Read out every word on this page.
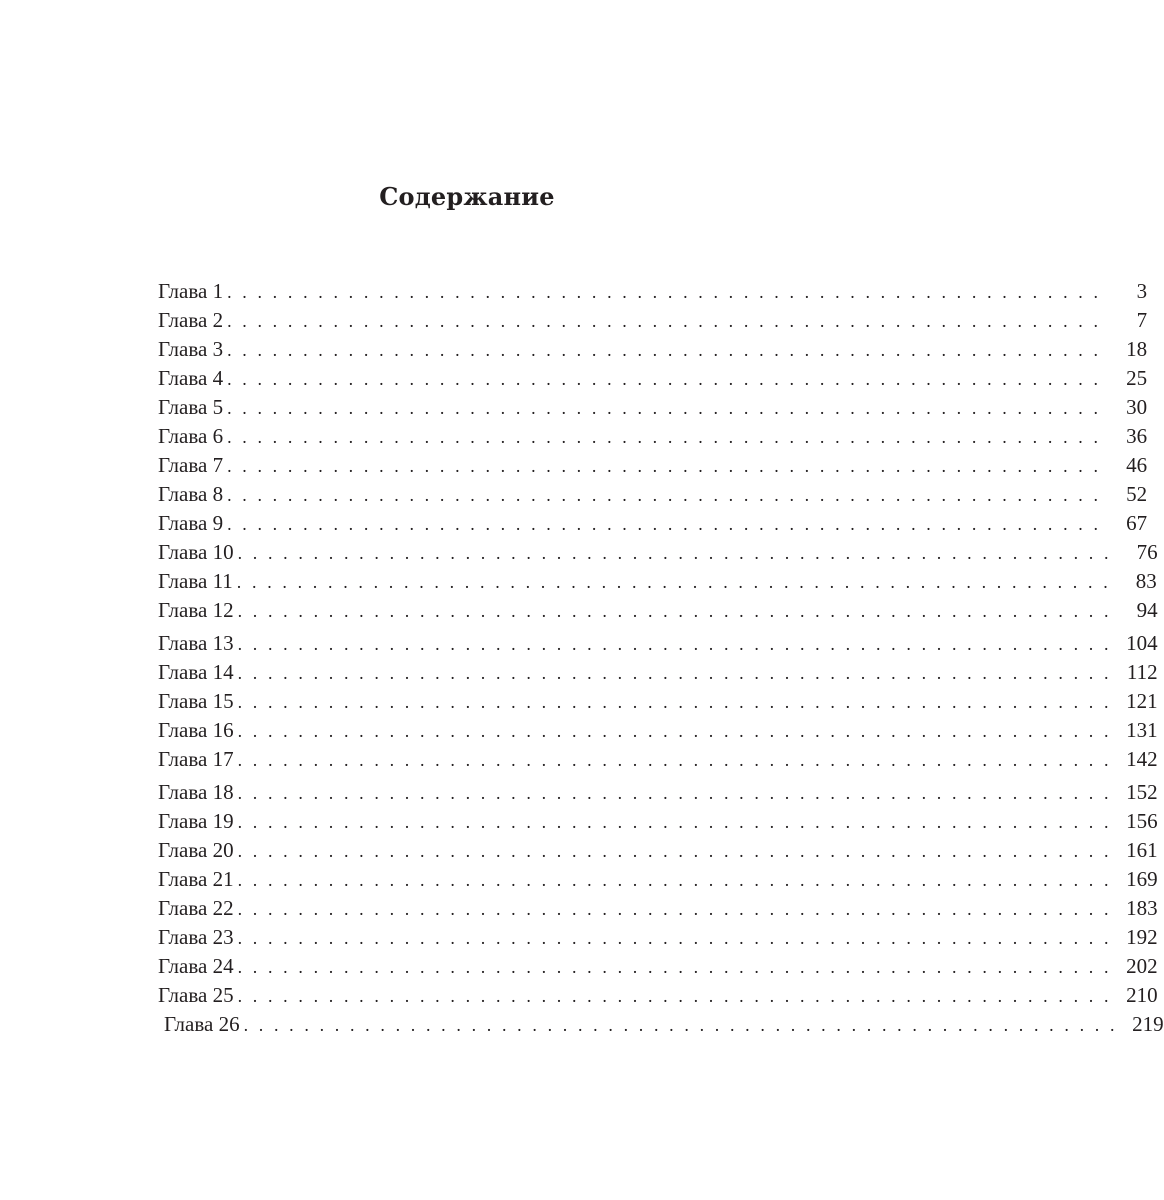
Содержание
Глава 1 . . . . . . . . . . . . . . . . . . . . . . . . . . . . . . . . . . . . . . . . . . . . . . . . . . . . . . . . . .	3
Глава 2 . . . . . . . . . . . . . . . . . . . . . . . . . . . . . . . . . . . . . . . . . . . . . . . . . . . . . . . . . .	7
Глава 3 . . . . . . . . . . . . . . . . . . . . . . . . . . . . . . . . . . . . . . . . . . . . . . . . . . . . . . . . . .	18
Глава 4 . . . . . . . . . . . . . . . . . . . . . . . . . . . . . . . . . . . . . . . . . . . . . . . . . . . . . . . . . .	25
Глава 5 . . . . . . . . . . . . . . . . . . . . . . . . . . . . . . . . . . . . . . . . . . . . . . . . . . . . . . . . . .	30
Глава 6 . . . . . . . . . . . . . . . . . . . . . . . . . . . . . . . . . . . . . . . . . . . . . . . . . . . . . . . . . .	36
Глава 7 . . . . . . . . . . . . . . . . . . . . . . . . . . . . . . . . . . . . . . . . . . . . . . . . . . . . . . . . . .	46
Глава 8 . . . . . . . . . . . . . . . . . . . . . . . . . . . . . . . . . . . . . . . . . . . . . . . . . . . . . . . . . .	52
Глава 9 . . . . . . . . . . . . . . . . . . . . . . . . . . . . . . . . . . . . . . . . . . . . . . . . . . . . . . . . . .	67
Глава 10 . . . . . . . . . . . . . . . . . . . . . . . . . . . . . . . . . . . . . . . . . . . . . . . . . . . . . . . . . .	76
Глава 11 . . . . . . . . . . . . . . . . . . . . . . . . . . . . . . . . . . . . . . . . . . . . . . . . . . . . . . . . . .	83
Глава 12 . . . . . . . . . . . . . . . . . . . . . . . . . . . . . . . . . . . . . . . . . . . . . . . . . . . . . . . . . .	94
Глава 13 . . . . . . . . . . . . . . . . . . . . . . . . . . . . . . . . . . . . . . . . . . . . . . . . . . . . . . . . . . 104
Глава 14 . . . . . . . . . . . . . . . . . . . . . . . . . . . . . . . . . . . . . . . . . . . . . . . . . . . . . . . . . . 112
Глава 15 . . . . . . . . . . . . . . . . . . . . . . . . . . . . . . . . . . . . . . . . . . . . . . . . . . . . . . . . . . 121
Глава 16 . . . . . . . . . . . . . . . . . . . . . . . . . . . . . . . . . . . . . . . . . . . . . . . . . . . . . . . . . . 131
Глава 17 . . . . . . . . . . . . . . . . . . . . . . . . . . . . . . . . . . . . . . . . . . . . . . . . . . . . . . . . . . 142
Глава 18 . . . . . . . . . . . . . . . . . . . . . . . . . . . . . . . . . . . . . . . . . . . . . . . . . . . . . . . . . . 152
Глава 19 . . . . . . . . . . . . . . . . . . . . . . . . . . . . . . . . . . . . . . . . . . . . . . . . . . . . . . . . . . 156
Глава 20 . . . . . . . . . . . . . . . . . . . . . . . . . . . . . . . . . . . . . . . . . . . . . . . . . . . . . . . . . . 161
Глава 21 . . . . . . . . . . . . . . . . . . . . . . . . . . . . . . . . . . . . . . . . . . . . . . . . . . . . . . . . . . 169
Глава 22 . . . . . . . . . . . . . . . . . . . . . . . . . . . . . . . . . . . . . . . . . . . . . . . . . . . . . . . . . . 183
Глава 23 . . . . . . . . . . . . . . . . . . . . . . . . . . . . . . . . . . . . . . . . . . . . . . . . . . . . . . . . . . 192
Глава 24 . . . . . . . . . . . . . . . . . . . . . . . . . . . . . . . . . . . . . . . . . . . . . . . . . . . . . . . . . . 202
Глава 25 . . . . . . . . . . . . . . . . . . . . . . . . . . . . . . . . . . . . . . . . . . . . . . . . . . . . . . . . . . 210
Глава 26 . . . . . . . . . . . . . . . . . . . . . . . . . . . . . . . . . . . . . . . . . . . . . . . . . . . . . . . . . . 219
